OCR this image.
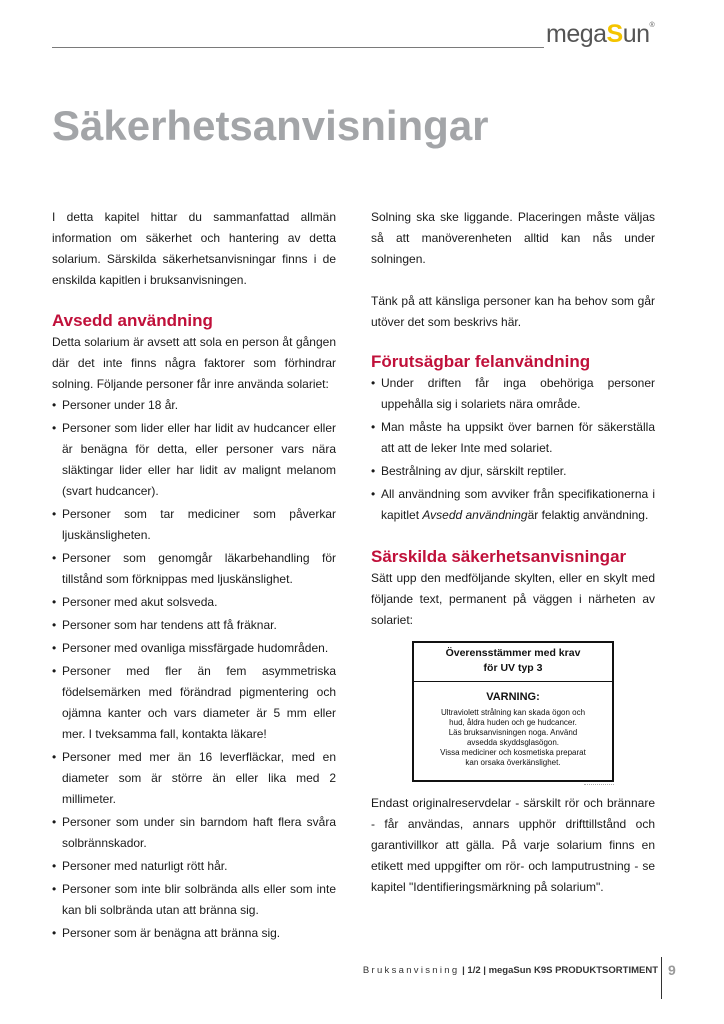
megaSun®
Säkerhetsanvisningar

I detta kapitel hittar du sammanfattad allmän information om säkerhet och hantering av detta solarium. Särskilda säkerhetsanvisningar finns i de enskilda kapitlen i bruksanvisningen.

Avsedd användning

Detta solarium är avsett att sola en person åt gången där det inte finns några faktorer som förhindrar solning. Följande personer får inre använda solariet:

• Personer under 18 år.
• Personer som lider eller har lidit av hudcancer eller är benägna för detta, eller personer vars nära släktingar lider eller har lidit av malignt melanom (svart hudcancer).
• Personer som tar mediciner som påverkar ljuskänsligheten.
• Personer som genomgår läkarbehandling för tillstånd som förknippas med ljuskänslighet.
• Personer med akut solsveda.
• Personer som har tendens att få fräknar.
• Personer med ovanliga missfärgade hudområden.
• Personer med fler än fem asymmetriska födelsemärken med förändrad pigmentering och ojämna kanter och vars diameter är 5 mm eller mer. I tveksamma fall, kontakta läkare!
• Personer med mer än 16 leverfläckar, med en diameter som är större än eller lika med 2 millimeter.
• Personer som under sin barndom haft flera svåra solbrännskador.
• Personer med naturligt rött hår.
• Personer som inte blir solbrända alls eller som inte kan bli solbrända utan att bränna sig.
• Personer som är benägna att bränna sig.

Solning ska ske liggande. Placeringen måste väljas så att manöverenheten alltid kan nås under solningen.

Tänk på att känsliga personer kan ha behov som går utöver det som beskrivs här.

Förutsägbar felanvändning
• Under driften får inga obehöriga personer uppehålla sig i solariets nära område.
• Man måste ha uppsikt över barnen för säkerställa att att de leker Inte med solariet.
• Bestrålning av djur, särskilt reptiler.
• All användning som avviker från specifikationerna i kapitlet Avsedd användningär felaktig användning.
Särskilda säkerhetsanvisningar

Sätt upp den medföljande skylten, eller en skylt med följande text, permanent på väggen i närheten av solariet:

Överensstämmer med krav
för UV typ 3
VARNING:
Ultraviolett strålning kan skada ögon och
hud, åldra huden och ge hudcancer.
Läs bruksanvisningen noga. Använd
avsedda skyddsglasögon.
Vissa mediciner och kosmetiska preparat
kan orsaka överkänslighet.

Endast originalreservdelar - särskilt rör och brännare - får användas, annars upphör drifttillstånd och garantivillkor att gälla. På varje solarium finns en etikett med uppgifter om rör- och lamputrustning - se kapitel "Identifieringsmärkning på solarium".

Bruksanvisning | 1/2 | megaSun K9S PRODUKTSORTIMENT 9
